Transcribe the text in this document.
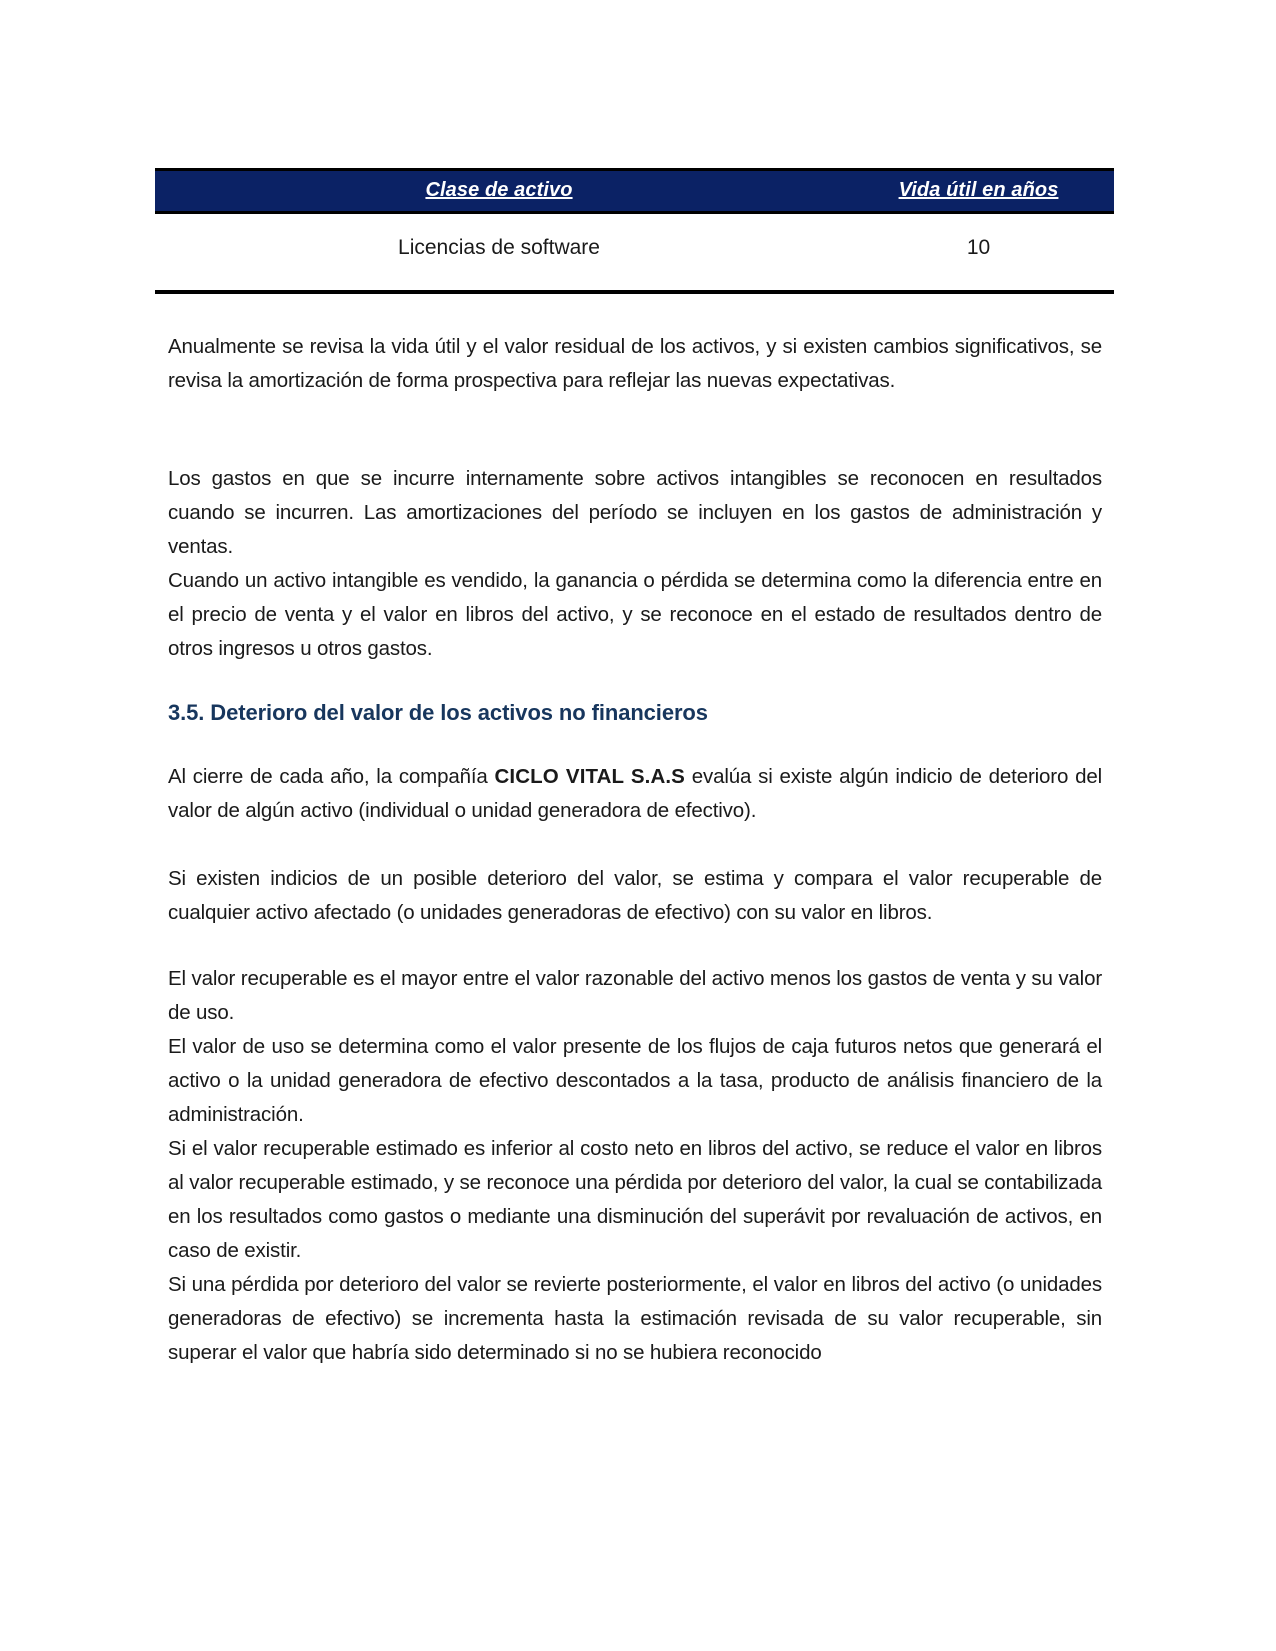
Clase de activo	Vida útil en años
Licencias de software	10

Anualmente se revisa la vida útil y el valor residual de los activos, y si existen cambios significativos, se revisa la amortización de forma prospectiva para reflejar las nuevas expectativas.

Los gastos en que se incurre internamente sobre activos intangibles se reconocen en resultados cuando se incurren. Las amortizaciones del período se incluyen en los gastos de administración y ventas.

Cuando un activo intangible es vendido, la ganancia o pérdida se determina como la diferencia entre en el precio de venta y el valor en libros del activo, y se reconoce en el estado de resultados dentro de otros ingresos u otros gastos.

3.5. Deterioro del valor de los activos no financieros

Al cierre de cada año, la compañía CICLO VITAL S.A.S evalúa si existe algún indicio de deterioro del valor de algún activo (individual o unidad generadora de efectivo).

Si existen indicios de un posible deterioro del valor, se estima y compara el valor recuperable de cualquier activo afectado (o unidades generadoras de efectivo) con su valor en libros.

El valor recuperable es el mayor entre el valor razonable del activo menos los gastos de venta y su valor de uso.

El valor de uso se determina como el valor presente de los flujos de caja futuros netos que generará el activo o la unidad generadora de efectivo descontados a la tasa, producto de análisis financiero de la administración.

Si el valor recuperable estimado es inferior al costo neto en libros del activo, se reduce el valor en libros al valor recuperable estimado, y se reconoce una pérdida por deterioro del valor, la cual se contabilizada en los resultados como gastos o mediante una disminución del superávit por revaluación de activos, en caso de existir.

Si una pérdida por deterioro del valor se revierte posteriormente, el valor en libros del activo (o unidades generadoras de efectivo) se incrementa hasta la estimación revisada de su valor recuperable, sin superar el valor que habría sido determinado si no se hubiera reconocido
